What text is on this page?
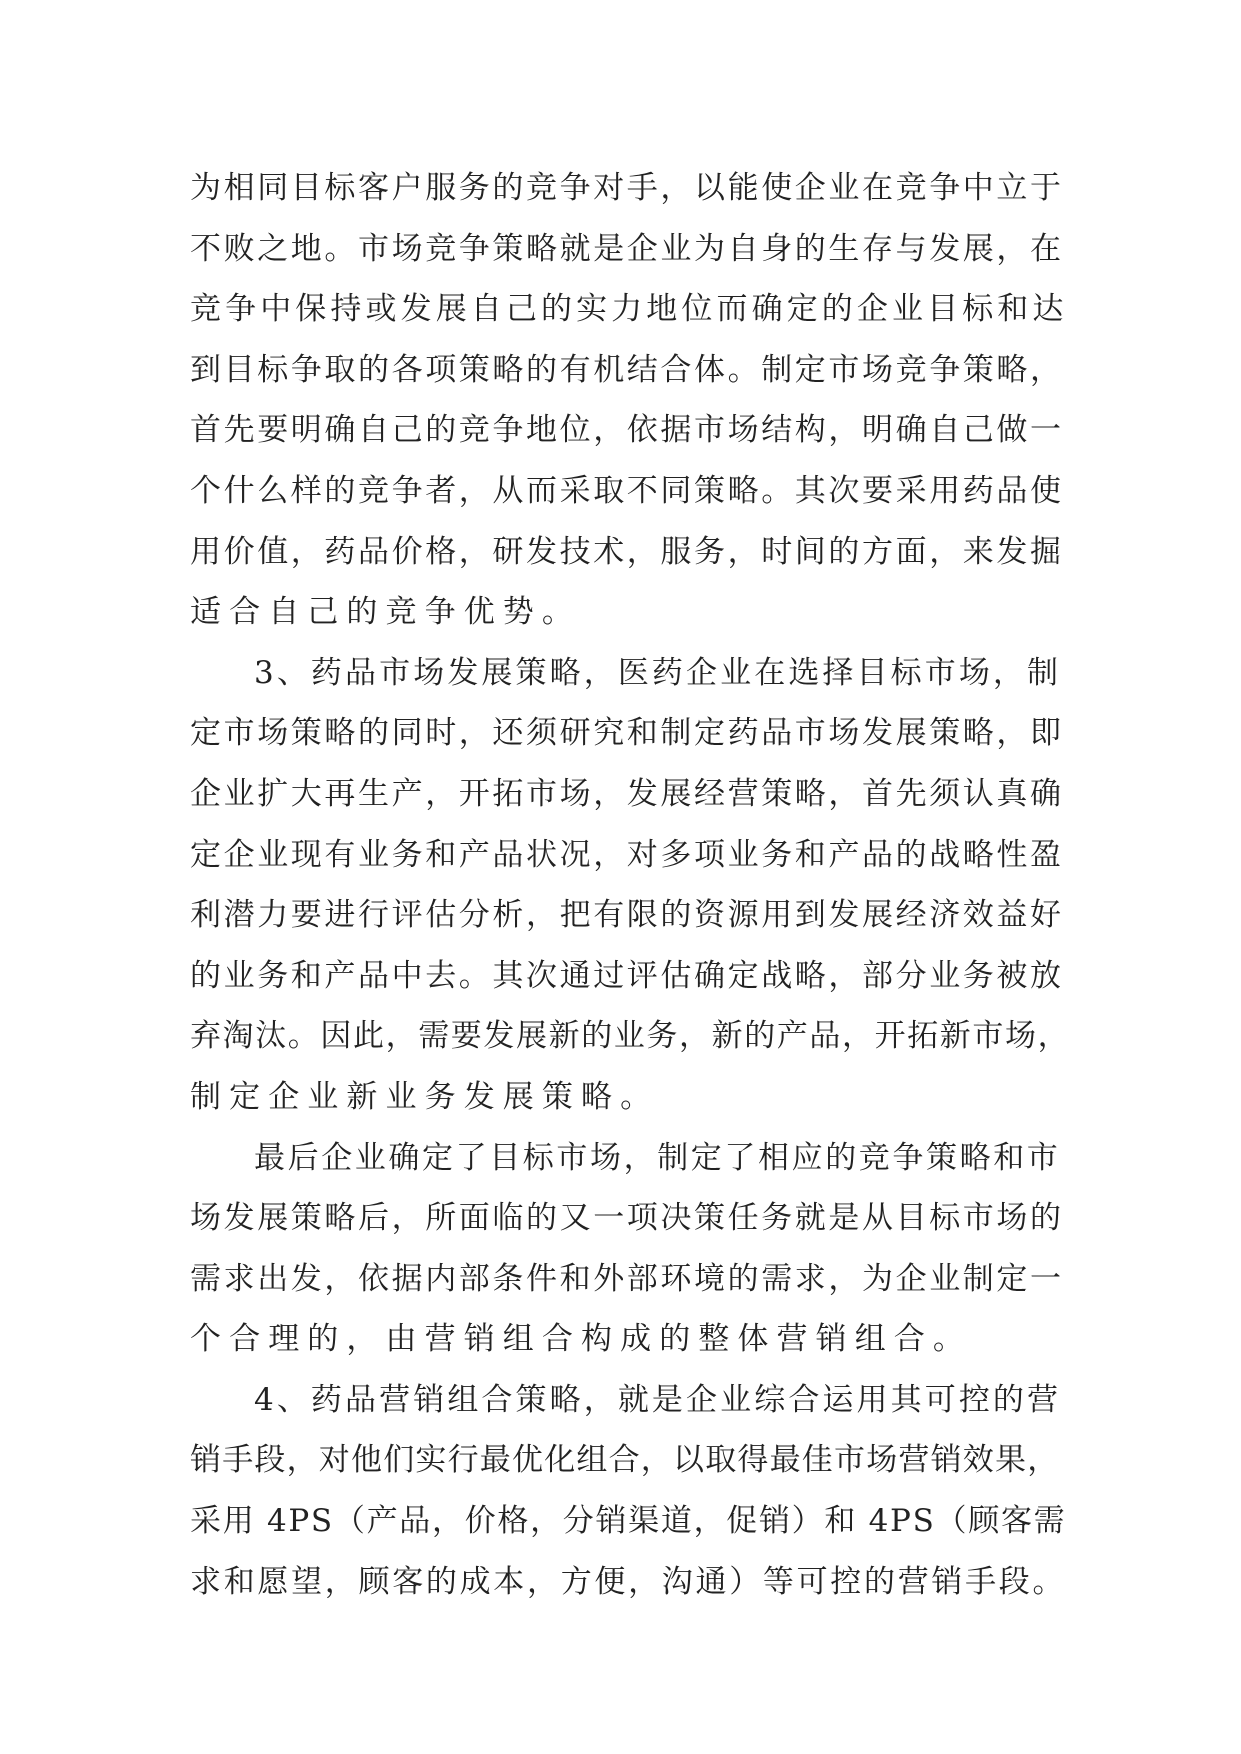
为相同目标客户服务的竞争对手，以能使企业在竞争中立于
不败之地。市场竞争策略就是企业为自身的生存与发展，在
竞争中保持或发展自己的实力地位而确定的企业目标和达
到目标争取的各项策略的有机结合体。制定市场竞争策略，
首先要明确自己的竞争地位，依据市场结构，明确自己做一
个什么样的竞争者，从而采取不同策略。其次要采用药品使
用价值，药品价格，研发技术，服务，时间的方面，来发掘
适合自己的竞争优势。
3、药品市场发展策略，医药企业在选择目标市场，制
定市场策略的同时，还须研究和制定药品市场发展策略，即
企业扩大再生产，开拓市场，发展经营策略，首先须认真确
定企业现有业务和产品状况，对多项业务和产品的战略性盈
利潜力要进行评估分析，把有限的资源用到发展经济效益好
的业务和产品中去。其次通过评估确定战略，部分业务被放
弃淘汰。因此，需要发展新的业务，新的产品，开拓新市场，
制定企业新业务发展策略。
最后企业确定了目标市场，制定了相应的竞争策略和市
场发展策略后，所面临的又一项决策任务就是从目标市场的
需求出发，依据内部条件和外部环境的需求，为企业制定一
个合理的，由营销组合构成的整体营销组合。
4、药品营销组合策略，就是企业综合运用其可控的营
销手段，对他们实行最优化组合，以取得最佳市场营销效果，
采用 4PS（产品，价格，分销渠道，促销）和 4PS（顾客需
求和愿望，顾客的成本，方便，沟通）等可控的营销手段。
